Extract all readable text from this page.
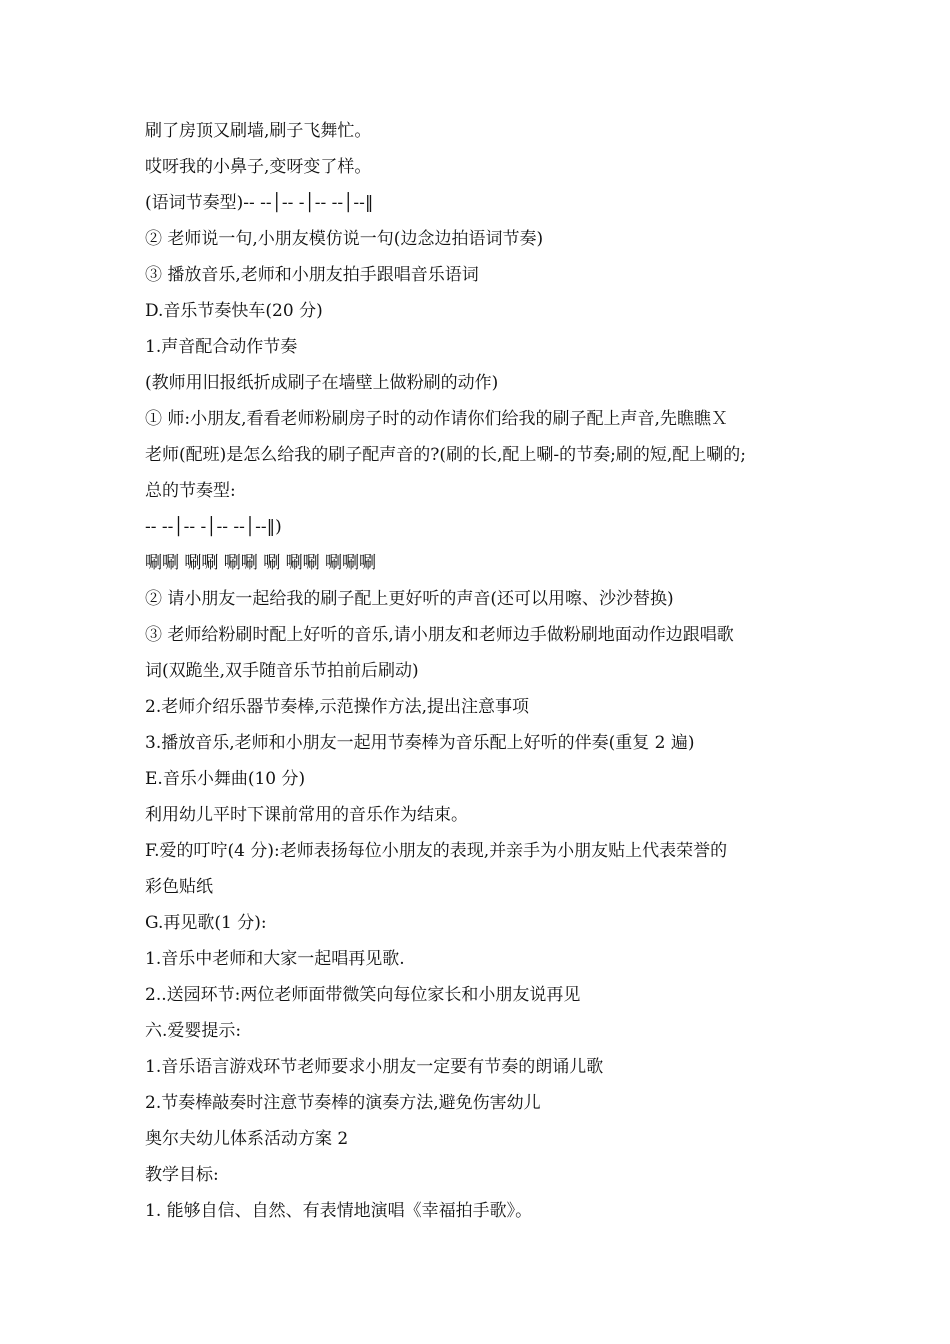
刷了房顶又刷墙,刷子飞舞忙。
哎呀我的小鼻子,变呀变了样。
(语词节奏型)-- --│-- -│-- --│--‖
② 老师说一句,小朋友模仿说一句(边念边拍语词节奏)
③ 播放音乐,老师和小朋友拍手跟唱音乐语词
D.音乐节奏快车(20 分)
1.声音配合动作节奏
(教师用旧报纸折成刷子在墙壁上做粉刷的动作)
① 师:小朋友,看看老师粉刷房子时的动作请你们给我的刷子配上声音,先瞧瞧Ｘ
老师(配班)是怎么给我的刷子配声音的?(刷的长,配上唰-的节奏;刷的短,配上唰的;
总的节奏型:
-- --│-- -│-- --│--‖)
唰唰 唰唰 唰唰 唰 唰唰 唰唰唰
② 请小朋友一起给我的刷子配上更好听的声音(还可以用嚓、沙沙替换)
③ 老师给粉刷时配上好听的音乐,请小朋友和老师边手做粉刷地面动作边跟唱歌
词(双跪坐,双手随音乐节拍前后刷动)
2.老师介绍乐器节奏棒,示范操作方法,提出注意事项
3.播放音乐,老师和小朋友一起用节奏棒为音乐配上好听的伴奏(重复 2 遍)
E.音乐小舞曲(10 分)
利用幼儿平时下课前常用的音乐作为结束。
F.爱的叮咛(4 分):老师表扬每位小朋友的表现,并亲手为小朋友贴上代表荣誉的
彩色贴纸
G.再见歌(1 分):
1.音乐中老师和大家一起唱再见歌.
2..送园环节:两位老师面带微笑向每位家长和小朋友说再见
六.爱婴提示:
1.音乐语言游戏环节老师要求小朋友一定要有节奏的朗诵儿歌
2.节奏棒敲奏时注意节奏棒的演奏方法,避免伤害幼儿
奥尔夫幼儿体系活动方案 2
教学目标:
1. 能够自信、自然、有表情地演唱《幸福拍手歌》。
